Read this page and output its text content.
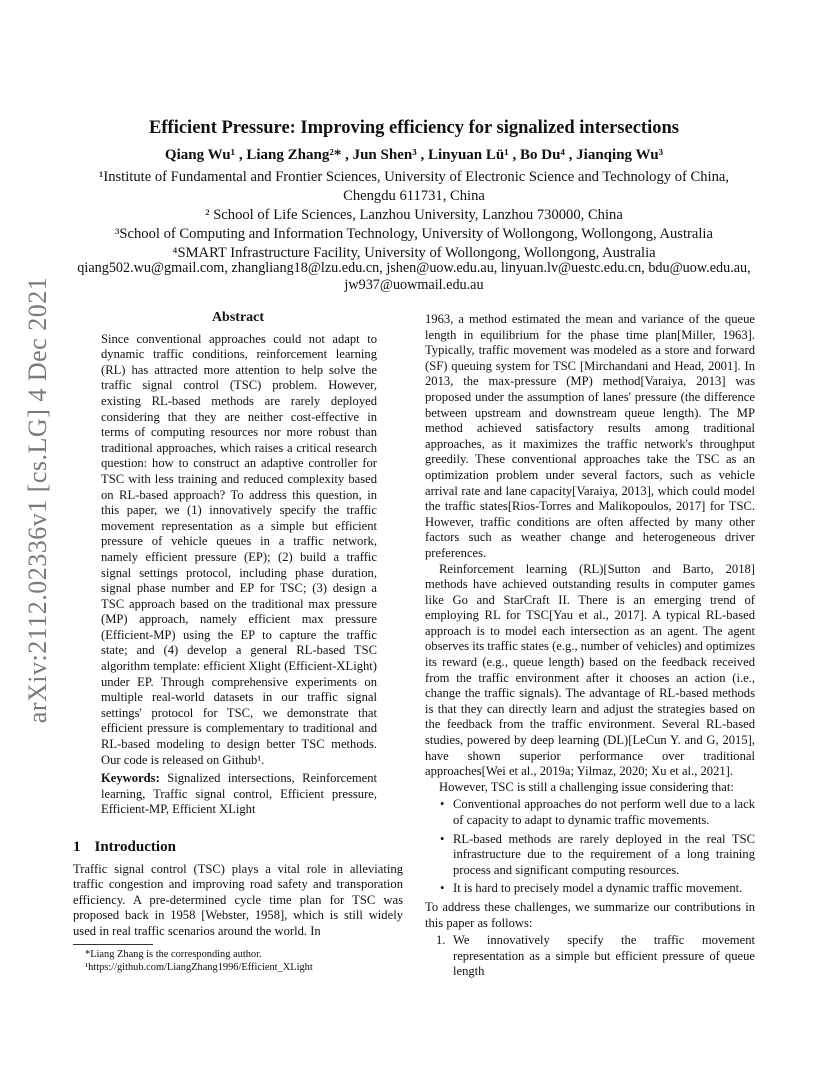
arXiv:2112.02336v1 [cs.LG] 4 Dec 2021
Efficient Pressure: Improving efficiency for signalized intersections
Qiang Wu¹ , Liang Zhang²* , Jun Shen³ , Linyuan Lü¹ , Bo Du⁴ , Jianqing Wu³
¹Institute of Fundamental and Frontier Sciences, University of Electronic Science and Technology of China, Chengdu 611731, China
² School of Life Sciences, Lanzhou University, Lanzhou 730000, China
³School of Computing and Information Technology, University of Wollongong, Wollongong, Australia
⁴SMART Infrastructure Facility, University of Wollongong, Wollongong, Australia
qiang502.wu@gmail.com, zhangliang18@lzu.edu.cn, jshen@uow.edu.au, linyuan.lv@uestc.edu.cn, bdu@uow.edu.au, jw937@uowmail.edu.au
Abstract

Since conventional approaches could not adapt to dynamic traffic conditions, reinforcement learning (RL) has attracted more attention to help solve the traffic signal control (TSC) problem. However, existing RL-based methods are rarely deployed considering that they are neither cost-effective in terms of computing resources nor more robust than traditional approaches, which raises a critical research question: how to construct an adaptive controller for TSC with less training and reduced complexity based on RL-based approach? To address this question, in this paper, we (1) innovatively specify the traffic movement representation as a simple but efficient pressure of vehicle queues in a traffic network, namely efficient pressure (EP); (2) build a traffic signal settings protocol, including phase duration, signal phase number and EP for TSC; (3) design a TSC approach based on the traditional max pressure (MP) approach, namely efficient max pressure (Efficient-MP) using the EP to capture the traffic state; and (4) develop a general RL-based TSC algorithm template: efficient Xlight (Efficient-XLight) under EP. Through comprehensive experiments on multiple real-world datasets in our traffic signal settings' protocol for TSC, we demonstrate that efficient pressure is complementary to traditional and RL-based modeling to design better TSC methods. Our code is released on Github¹.

Keywords: Signalized intersections, Reinforcement learning, Traffic signal control, Efficient pressure, Efficient-MP, Efficient XLight

1 Introduction

Traffic signal control (TSC) plays a vital role in alleviating traffic congestion and improving road safety and transporation efficiency. A pre-determined cycle time plan for TSC was proposed back in 1958 [Webster, 1958], which is still widely used in real traffic scenarios around the world. In

*Liang Zhang is the corresponding author.
¹https://github.com/LiangZhang1996/Efficient_XLight

1963, a method estimated the mean and variance of the queue length in equilibrium for the phase time plan[Miller, 1963]. Typically, traffic movement was modeled as a store and forward (SF) queuing system for TSC [Mirchandani and Head, 2001]. In 2013, the max-pressure (MP) method[Varaiya, 2013] was proposed under the assumption of lanes' pressure (the difference between upstream and downstream queue length). The MP method achieved satisfactory results among traditional approaches, as it maximizes the traffic network's throughput greedily. These conventional approaches take the TSC as an optimization problem under several factors, such as vehicle arrival rate and lane capacity[Varaiya, 2013], which could model the traffic states[Rios-Torres and Malikopoulos, 2017] for TSC. However, traffic conditions are often affected by many other factors such as weather change and heterogeneous driver preferences.

Reinforcement learning (RL)[Sutton and Barto, 2018] methods have achieved outstanding results in computer games like Go and StarCraft II. There is an emerging trend of employing RL for TSC[Yau et al., 2017]. A typical RL-based approach is to model each intersection as an agent. The agent observes its traffic states (e.g., number of vehicles) and optimizes its reward (e.g., queue length) based on the feedback received from the traffic environment after it chooses an action (i.e., change the traffic signals). The advantage of RL-based methods is that they can directly learn and adjust the strategies based on the feedback from the traffic environment. Several RL-based studies, powered by deep learning (DL)[LeCun Y. and G, 2015], have shown superior performance over traditional approaches[Wei et al., 2019a; Yilmaz, 2020; Xu et al., 2021].

However, TSC is still a challenging issue considering that:

• Conventional approaches do not perform well due to a lack of capacity to adapt to dynamic traffic movements.
• RL-based methods are rarely deployed in the real TSC infrastructure due to the requirement of a long training process and significant computing resources.
• It is hard to precisely model a dynamic traffic movement.

To address these challenges, we summarize our contributions in this paper as follows:

1. We innovatively specify the traffic movement representation as a simple but efficient pressure of queue length
